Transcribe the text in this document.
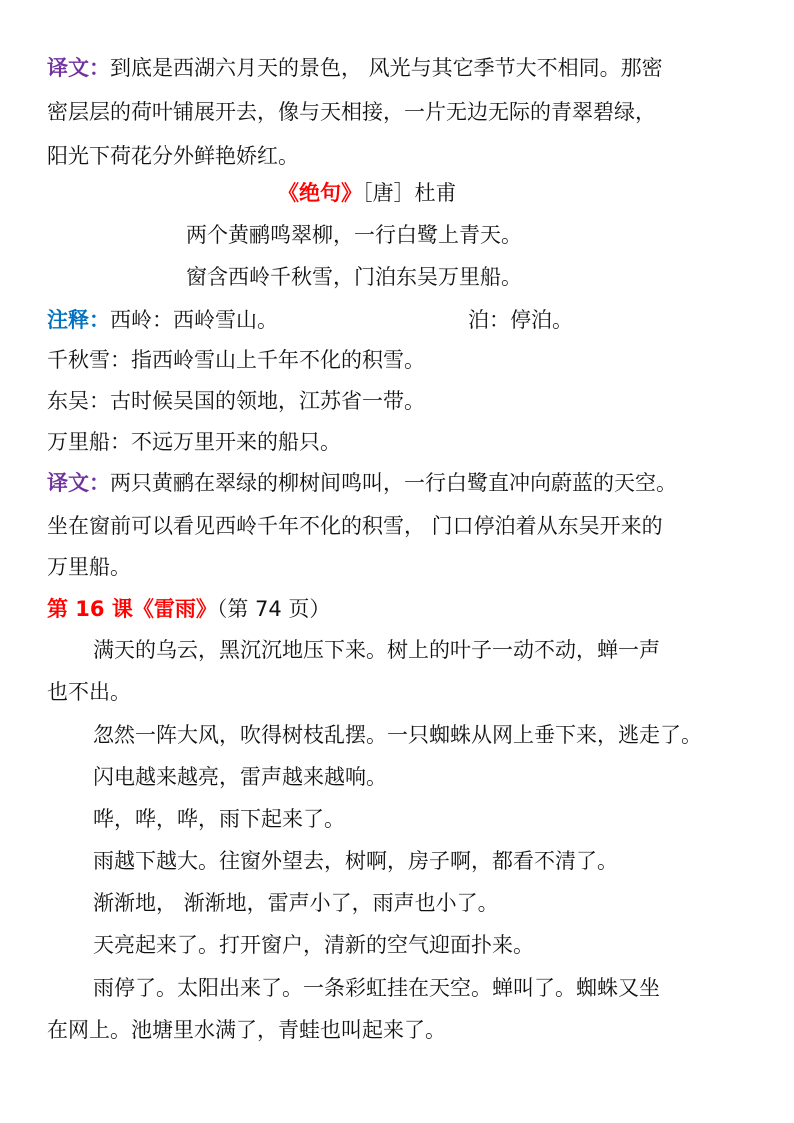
译文：到底是西湖六月天的景色， 风光与其它季节大不相同。那密
密层层的荷叶铺展开去，像与天相接，一片无边无际的青翠碧绿，
阳光下荷花分外鲜艳娇红。
《绝句》［唐］杜甫
两个黄鹂鸣翠柳，一行白鹭上青天。
窗含西岭千秋雪，门泊东吴万里船。
注释：西岭：西岭雪山。	泊：停泊。
千秋雪：指西岭雪山上千年不化的积雪。
东吴：古时候吴国的领地，江苏省一带。
万里船：不远万里开来的船只。
译文：两只黄鹂在翠绿的柳树间鸣叫，一行白鹭直冲向蔚蓝的天空。
坐在窗前可以看见西岭千年不化的积雪， 门口停泊着从东吴开来的
万里船。
第 16 课《雷雨》（第 74 页）
满天的乌云，黑沉沉地压下来。树上的叶子一动不动，蝉一声
也不出。
忽然一阵大风，吹得树枝乱摆。一只蜘蛛从网上垂下来，逃走了。
闪电越来越亮，雷声越来越响。
哗，哗，哗，雨下起来了。
雨越下越大。往窗外望去，树啊，房子啊，都看不清了。
渐渐地， 渐渐地，雷声小了，雨声也小了。
天亮起来了。打开窗户，清新的空气迎面扑来。
雨停了。太阳出来了。一条彩虹挂在天空。蝉叫了。蜘蛛又坐
在网上。池塘里水满了，青蛙也叫起来了。
